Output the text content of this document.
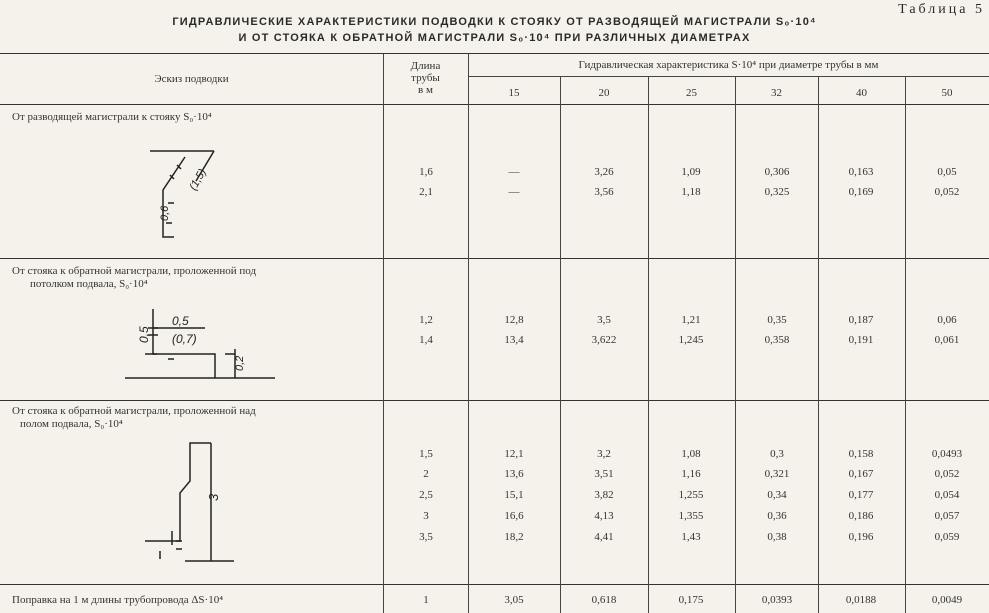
Таблица 5
ГИДРАВЛИЧЕСКИЕ ХАРАКТЕРИСТИКИ ПОДВОДКИ К СТОЯКУ ОТ РАЗВОДЯЩЕЙ МАГИСТРАЛИ S₀·10⁴
И ОТ СТОЯКА К ОБРАТНОЙ МАГИСТРАЛИ S₀·10⁴ ПРИ РАЗЛИЧНЫХ ДИАМЕТРАХ
Эскиз подводки
Длина
трубы
в м
Гидравлическая характеристика S·10⁴ при диаметре трубы в мм
15	20	25	32	40	50
От разводящей магистрали к стояку S₀·10⁴
От стояка к обратной магистрали, проложенной под
потолком подвала, S₀·10⁴
От стояка к обратной магистрали, проложенной над
полом подвала, S₀·10⁴
Поправка на 1 м длины трубопровода ΔS·10⁴
0,6
(1,5)
0,5
0,5 (0,7)
0,2
3
1,6	—	3,26	1,09	0,306	0,163	0,05
2,1	—	3,56	1,18	0,325	0,169	0,052
1,2	12,8	3,5	1,21	0,35	0,187	0,06
1,4	13,4	3,622	1,245	0,358	0,191	0,061
1,5	12,1	3,2	1,08	0,3	0,158	0,0493
2	13,6	3,51	1,16	0,321	0,167	0,052
2,5	15,1	3,82	1,255	0,34	0,177	0,054
3	16,6	4,13	1,355	0,36	0,186	0,057
3,5	18,2	4,41	1,43	0,38	0,196	0,059
1	3,05	0,618	0,175	0,0393	0,0188	0,0049
